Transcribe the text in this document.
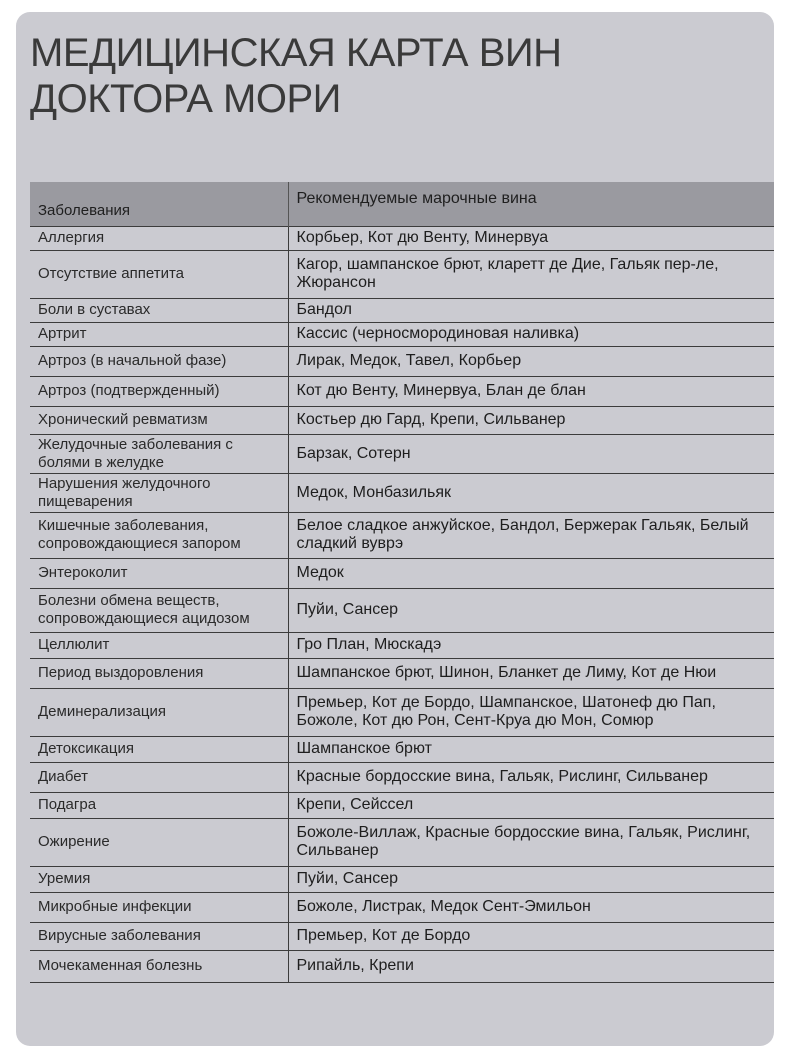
МЕДИЦИНСКАЯ КАРТА ВИН
ДОКТОРА МОРИ
Заболевания	Рекомендуемые марочные вина
Аллергия	Корбьер, Кот дю Венту, Минервуа
Отсутствие аппетита	Кагор, шампанское брют, кларетт де Дие, Гальяк пер-ле, Жюрансон
Боли в суставах	Бандол
Артрит	Кассис (черносмородиновая наливка)
Артроз (в начальной фазе)	Лирак, Медок, Тавел, Корбьер
Артроз (подтвержденный)	Кот дю Венту, Минервуа, Блан де блан
Хронический ревматизм	Костьер дю Гард, Крепи, Сильванер
Желудочные заболевания с болями в желудке	Барзак, Сотерн
Нарушения желудочного пищеварения	Медок, Монбазильяк
Кишечные заболевания, сопровождающиеся запором	Белое сладкое анжуйское, Бандол, Бержерак Гальяк, Белый сладкий вуврэ
Энтероколит	Медок
Болезни обмена веществ, сопровождающиеся ацидозом	Пуйи, Сансер
Целлюлит	Гро План, Мюскадэ
Период выздоровления	Шампанское брют, Шинон, Бланкет де Лиму, Кот де Нюи
Деминерализация	Премьер, Кот де Бордо, Шампанское, Шатонеф дю Пап, Божоле, Кот дю Рон, Сент-Круа дю Мон, Сомюр
Детоксикация	Шампанское брют
Диабет	Красные бордосские вина, Гальяк, Рислинг, Сильванер
Подагра	Крепи, Сейссел
Ожирение	Божоле-Виллаж, Красные бордосские вина, Гальяк, Рислинг, Сильванер
Уремия	Пуйи, Сансер
Микробные инфекции	Божоле, Листрак, Медок Сент-Эмильон
Вирусные заболевания	Премьер, Кот де Бордо
Мочекаменная болезнь	Рипайль, Крепи
